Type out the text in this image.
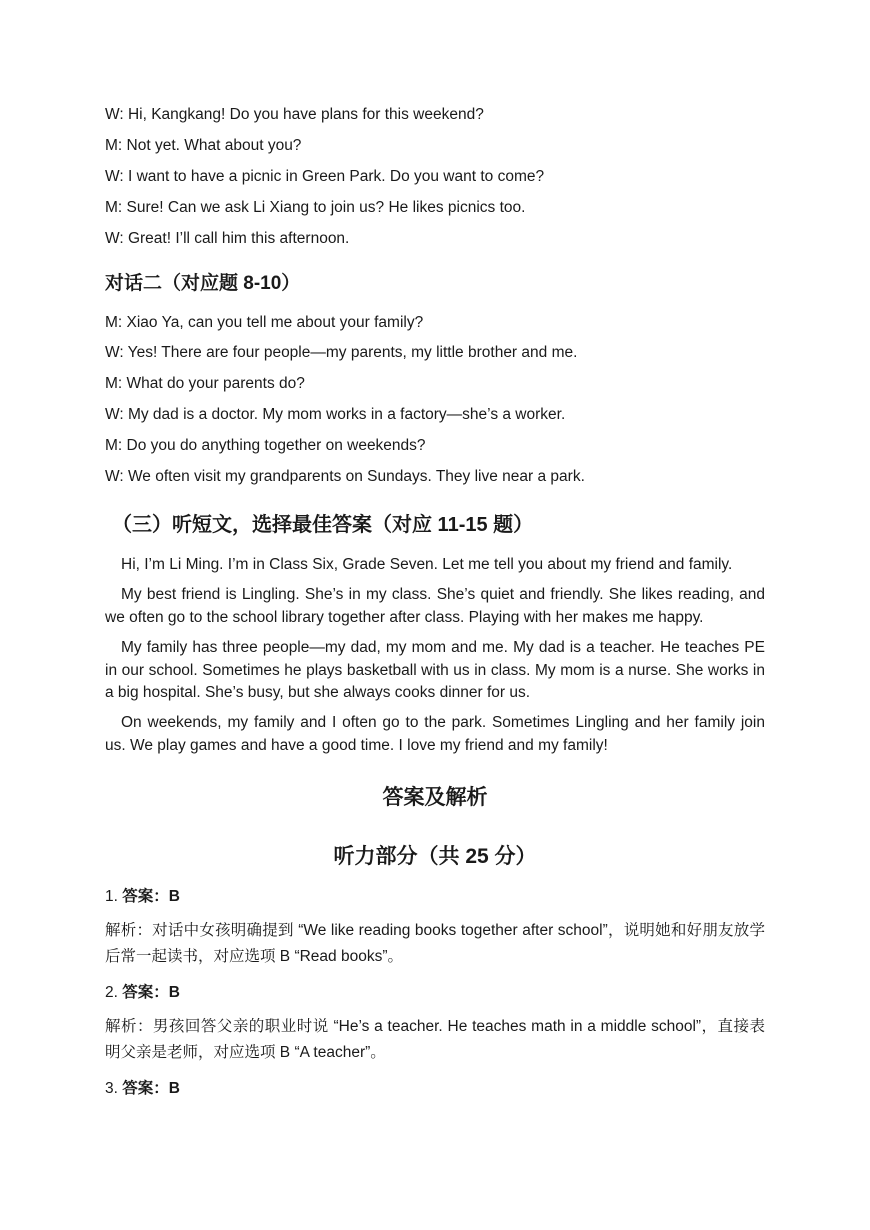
W: Hi, Kangkang! Do you have plans for this weekend?
M: Not yet. What about you?
W: I want to have a picnic in Green Park. Do you want to come?
M: Sure! Can we ask Li Xiang to join us? He likes picnics too.
W: Great! I’ll call him this afternoon.
对话二（对应题 8-10）
M: Xiao Ya, can you tell me about your family?
W: Yes! There are four people—my parents, my little brother and me.
M: What do your parents do?
W: My dad is a doctor. My mom works in a factory—she’s a worker.
M: Do you do anything together on weekends?
W: We often visit my grandparents on Sundays. They live near a park.
（三）听短文，选择最佳答案（对应 11-15 题）
Hi, I’m Li Ming. I’m in Class Six, Grade Seven. Let me tell you about my friend and family.
My best friend is Lingling. She’s in my class. She’s quiet and friendly. She likes reading, and we often go to the school library together after class. Playing with her makes me happy.
My family has three people—my dad, my mom and me. My dad is a teacher. He teaches PE in our school. Sometimes he plays basketball with us in class. My mom is a nurse. She works in a big hospital. She’s busy, but she always cooks dinner for us.
On weekends, my family and I often go to the park. Sometimes Lingling and her family join us. We play games and have a good time. I love my friend and my family!
答案及解析
听力部分（共 25 分）
1. 答案：B
解析：对话中女孩明确提到 “We like reading books together after school”，说明她和好朋友放学后常一起读书，对应选项 B “Read books”。
2. 答案：B
解析：男孩回答父亲的职业时说 “He’s a teacher. He teaches math in a middle school”，直接表明父亲是老师，对应选项 B “A teacher”。
3. 答案：B
